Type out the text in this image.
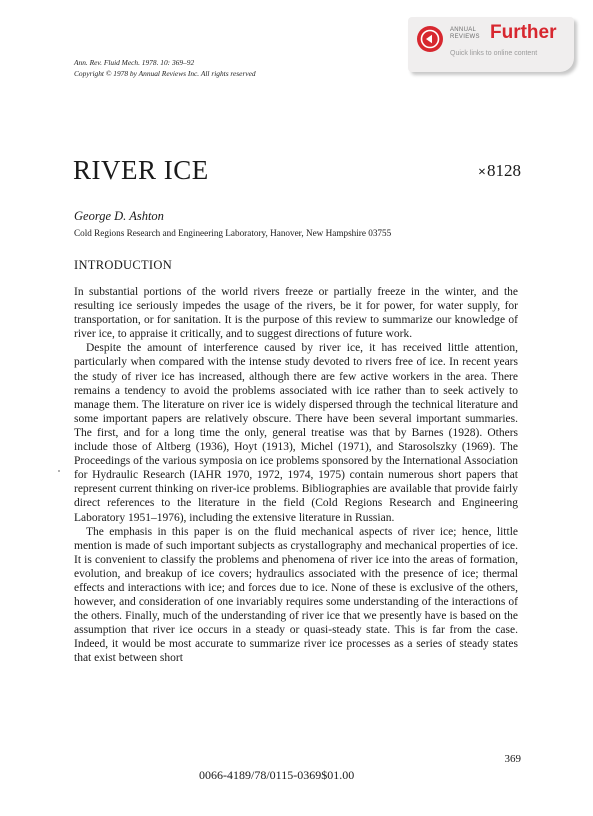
Ann. Rev. Fluid Mech. 1978. 10: 369–92
Copyright © 1978 by Annual Reviews Inc. All rights reserved
ANNUAL
REVIEWS Further
Quick links to online content
RIVER ICE	×8128
George D. Ashton
Cold Regions Research and Engineering Laboratory, Hanover, New Hampshire 03755
INTRODUCTION

In substantial portions of the world rivers freeze or partially freeze in the winter, and the resulting ice seriously impedes the usage of the rivers, be it for power, for water supply, for transportation, or for sanitation. It is the purpose of this review to summarize our knowledge of river ice, to appraise it critically, and to suggest directions of future work.

Despite the amount of interference caused by river ice, it has received little attention, particularly when compared with the intense study devoted to rivers free of ice. In recent years the study of river ice has increased, although there are few active workers in the area. There remains a tendency to avoid the problems associated with ice rather than to seek actively to manage them. The literature on river ice is widely dispersed through the technical literature and some important papers are relatively obscure. There have been several important summaries. The first, and for a long time the only, general treatise was that by Barnes (1928). Others include those of Altberg (1936), Hoyt (1913), Michel (1971), and Starosolszky (1969). The Proceedings of the various symposia on ice problems sponsored by the International Association for Hydraulic Research (IAHR 1970, 1972, 1974, 1975) contain numerous short papers that represent current thinking on river-ice problems. Bibliographies are available that provide fairly direct references to the literature in the field (Cold Regions Research and Engineering Laboratory 1951–1976), including the extensive literature in Russian.

The emphasis in this paper is on the fluid mechanical aspects of river ice; hence, little mention is made of such important subjects as crystallography and mechanical properties of ice. It is convenient to classify the problems and phenomena of river ice into the areas of formation, evolution, and breakup of ice covers; hydraulics associated with the presence of ice; thermal effects and interactions with ice; and forces due to ice. None of these is exclusive of the others, however, and consideration of one invariably requires some understanding of the interactions of the others. Finally, much of the understanding of river ice that we presently have is based on the assumption that river ice occurs in a steady or quasi-steady state. This is far from the case. Indeed, it would be most accurate to summarize river ice processes as a series of steady states that exist between short

369
0066-4189/78/0115-0369$01.00
